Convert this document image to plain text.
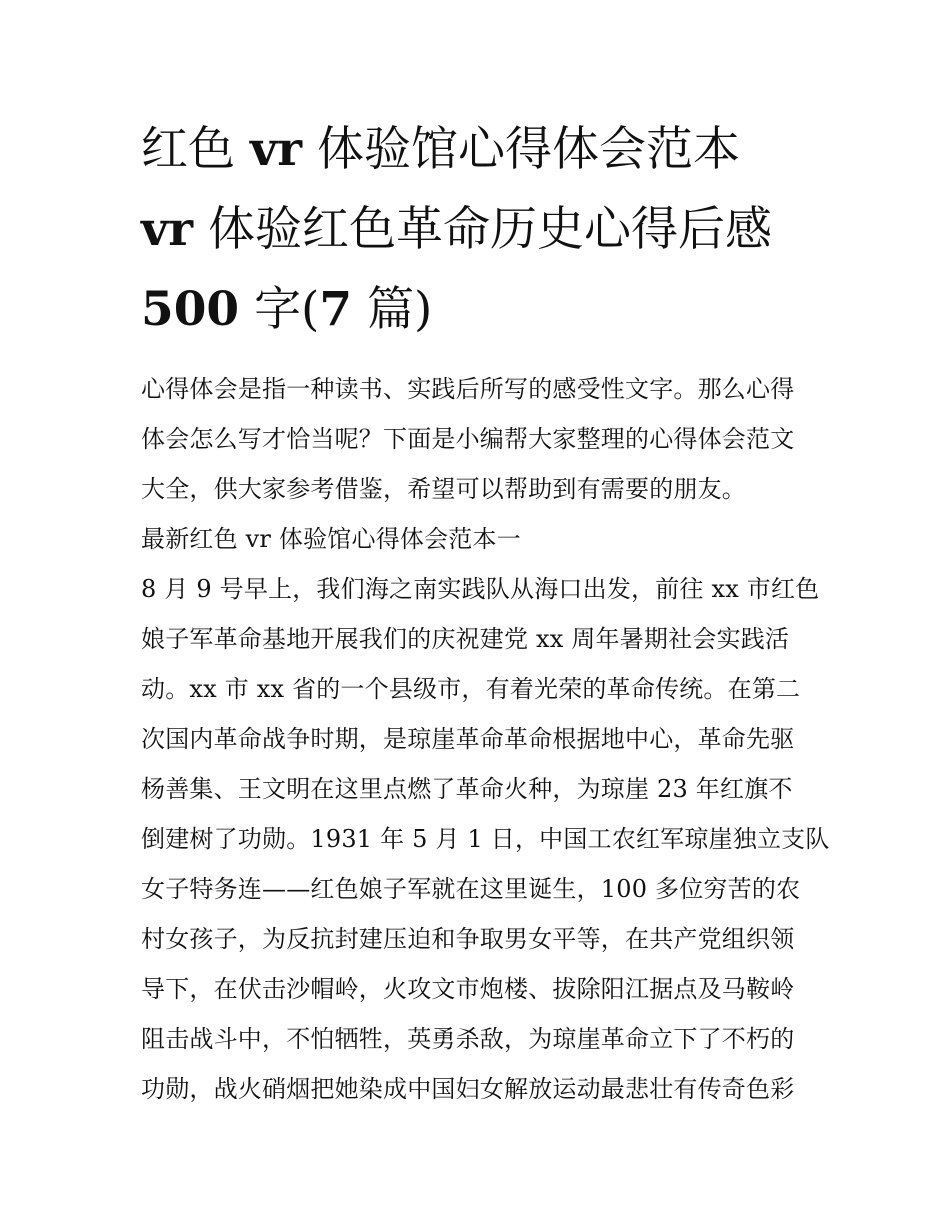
红色 vr 体验馆心得体会范本
vr 体验红色革命历史心得后感
500 字(7 篇)
心得体会是指一种读书、实践后所写的感受性文字。那么心得
体会怎么写才恰当呢？下面是小编帮大家整理的心得体会范文
大全，供大家参考借鉴，希望可以帮助到有需要的朋友。
最新红色 vr 体验馆心得体会范本一
8 月 9 号早上，我们海之南实践队从海口出发，前往 xx 市红色
娘子军革命基地开展我们的庆祝建党 xx 周年暑期社会实践活
动。xx 市 xx 省的一个县级市，有着光荣的革命传统。在第二
次国内革命战争时期，是琼崖革命革命根据地中心，革命先驱
杨善集、王文明在这里点燃了革命火种，为琼崖 23 年红旗不
倒建树了功勋。1931 年 5 月 1 日，中国工农红军琼崖独立支队
女子特务连——红色娘子军就在这里诞生，100 多位穷苦的农
村女孩子，为反抗封建压迫和争取男女平等，在共产党组织领
导下，在伏击沙帽岭，火攻文市炮楼、拔除阳江据点及马鞍岭
阻击战斗中，不怕牺牲，英勇杀敌，为琼崖革命立下了不朽的
功勋，战火硝烟把她染成中国妇女解放运动最悲壮有传奇色彩
